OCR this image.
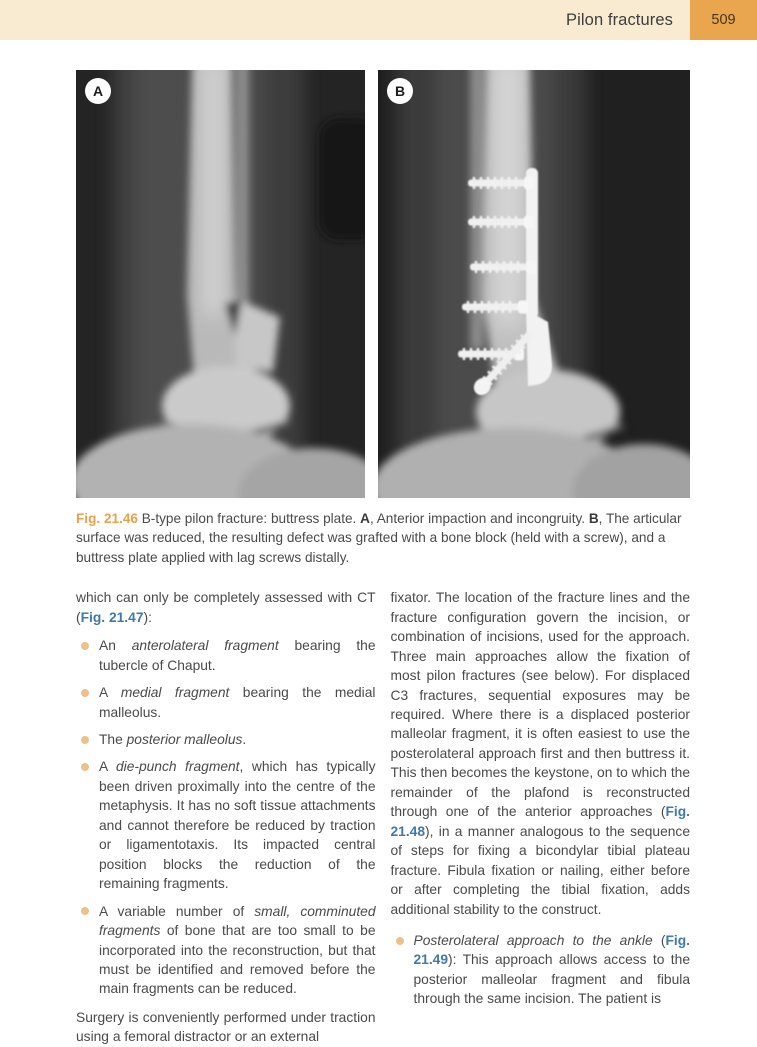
Pilon fractures	509
A	B

Fig. 21.46 B-type pilon fracture: buttress plate. A, Anterior impaction and incongruity. B, The articular surface was reduced, the resulting defect was grafted with a bone block (held with a screw), and a buttress plate applied with lag screws distally.

which can only be completely assessed with CT (Fig. 21.47):

An anterolateral fragment bearing the tubercle of Chaput.
A medial fragment bearing the medial malleolus.
The posterior malleolus.
A die-punch fragment, which has typically been driven proximally into the centre of the metaphysis. It has no soft tissue attachments and cannot therefore be reduced by traction or ligamentotaxis. Its impacted central position blocks the reduction of the remaining fragments.
A variable number of small, comminuted fragments of bone that are too small to be incorporated into the reconstruction, but that must be identified and removed before the main fragments can be reduced.

Surgery is conveniently performed under traction using a femoral distractor or an external

fixator. The location of the fracture lines and the fracture configuration govern the incision, or combination of incisions, used for the approach. Three main approaches allow the fixation of most pilon fractures (see below). For displaced C3 fractures, sequential exposures may be required. Where there is a displaced posterior malleolar fragment, it is often easiest to use the posterolateral approach first and then buttress it. This then becomes the keystone, on to which the remainder of the plafond is reconstructed through one of the anterior approaches (Fig. 21.48), in a manner analogous to the sequence of steps for fixing a bicondylar tibial plateau fracture. Fibula fixation or nailing, either before or after completing the tibial fixation, adds additional stability to the construct.

Posterolateral approach to the ankle (Fig. 21.49): This approach allows access to the posterior malleolar fragment and fibula through the same incision. The patient is
